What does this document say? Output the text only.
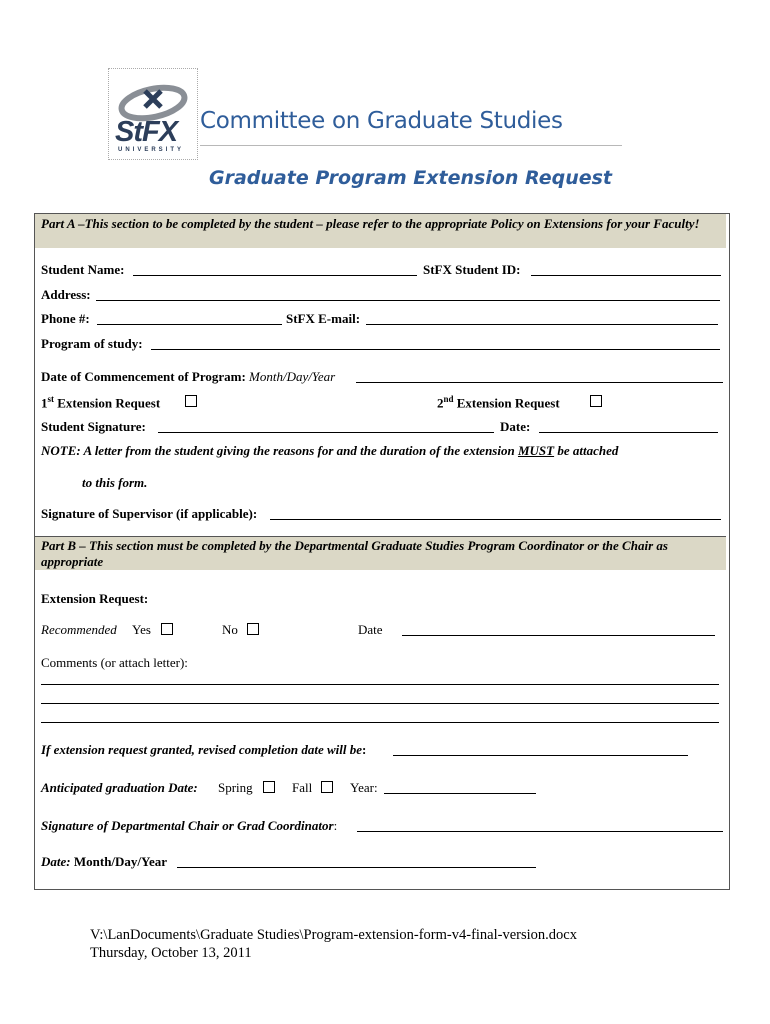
StFX
UNIVERSITY
Committee on Graduate Studies
Graduate Program Extension Request
Part A –This section to be completed by the student – please refer to the appropriate Policy on Extensions for your Faculty!
Student Name:	StFX Student ID:
Address:
Phone #:	StFX E-mail:
Program of study:
Date of Commencement of Program: Month/Day/Year
1st Extension Request	2nd Extension Request
Student Signature:	Date:
NOTE: A letter from the student giving the reasons for and the duration of the extension MUST be attached
to this form.
Signature of Supervisor (if applicable):
Part B – This section must be completed by the Departmental Graduate Studies Program Coordinator or the Chair as appropriate
Extension Request:
Recommended Yes	No	Date
Comments (or attach letter):
If extension request granted, revised completion date will be:
Anticipated graduation Date: Spring	Fall	Year:
Signature of Departmental Chair or Grad Coordinator:
Date: Month/Day/Year
V:\LanDocuments\Graduate Studies\Program-extension-form-v4-final-version.docx
Thursday, October 13, 2011
